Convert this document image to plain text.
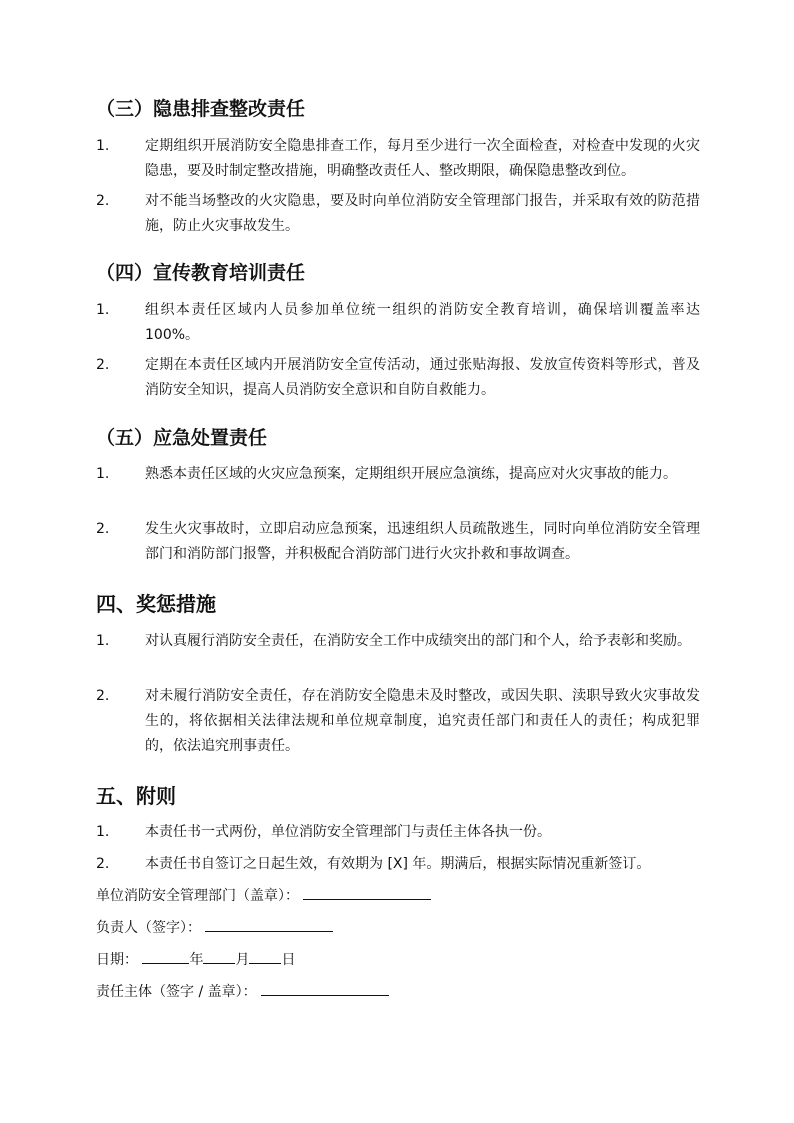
（三）隐患排查整改责任
1.	定期组织开展消防安全隐患排查工作，每月至少进行一次全面检查，对检查中发现的火灾隐患，要及时制定整改措施，明确整改责任人、整改期限，确保隐患整改到位。
2.	对不能当场整改的火灾隐患，要及时向单位消防安全管理部门报告，并采取有效的防范措施，防止火灾事故发生。
（四）宣传教育培训责任
1.	组织本责任区域内人员参加单位统一组织的消防安全教育培训，确保培训覆盖率达100%。
2.	定期在本责任区域内开展消防安全宣传活动，通过张贴海报、发放宣传资料等形式，普及消防安全知识，提高人员消防安全意识和自防自救能力。
（五）应急处置责任
1.	熟悉本责任区域的火灾应急预案，定期组织开展应急演练，提高应对火灾事故的能力。
2.	发生火灾事故时，立即启动应急预案，迅速组织人员疏散逃生，同时向单位消防安全管理部门和消防部门报警，并积极配合消防部门进行火灾扑救和事故调查。
四、奖惩措施
1.	对认真履行消防安全责任，在消防安全工作中成绩突出的部门和个人，给予表彰和奖励。
2.	对未履行消防安全责任，存在消防安全隐患未及时整改，或因失职、渎职导致火灾事故发生的，将依据相关法律法规和单位规章制度，追究责任部门和责任人的责任；构成犯罪的，依法追究刑事责任。
五、附则
1.	本责任书一式两份，单位消防安全管理部门与责任主体各执一份。
2.	本责任书自签订之日起生效，有效期为 [X] 年。期满后，根据实际情况重新签订。
单位消防安全管理部门（盖章）：
负责人（签字）：
日期：	年 月 日
责任主体（签字 / 盖章）：
